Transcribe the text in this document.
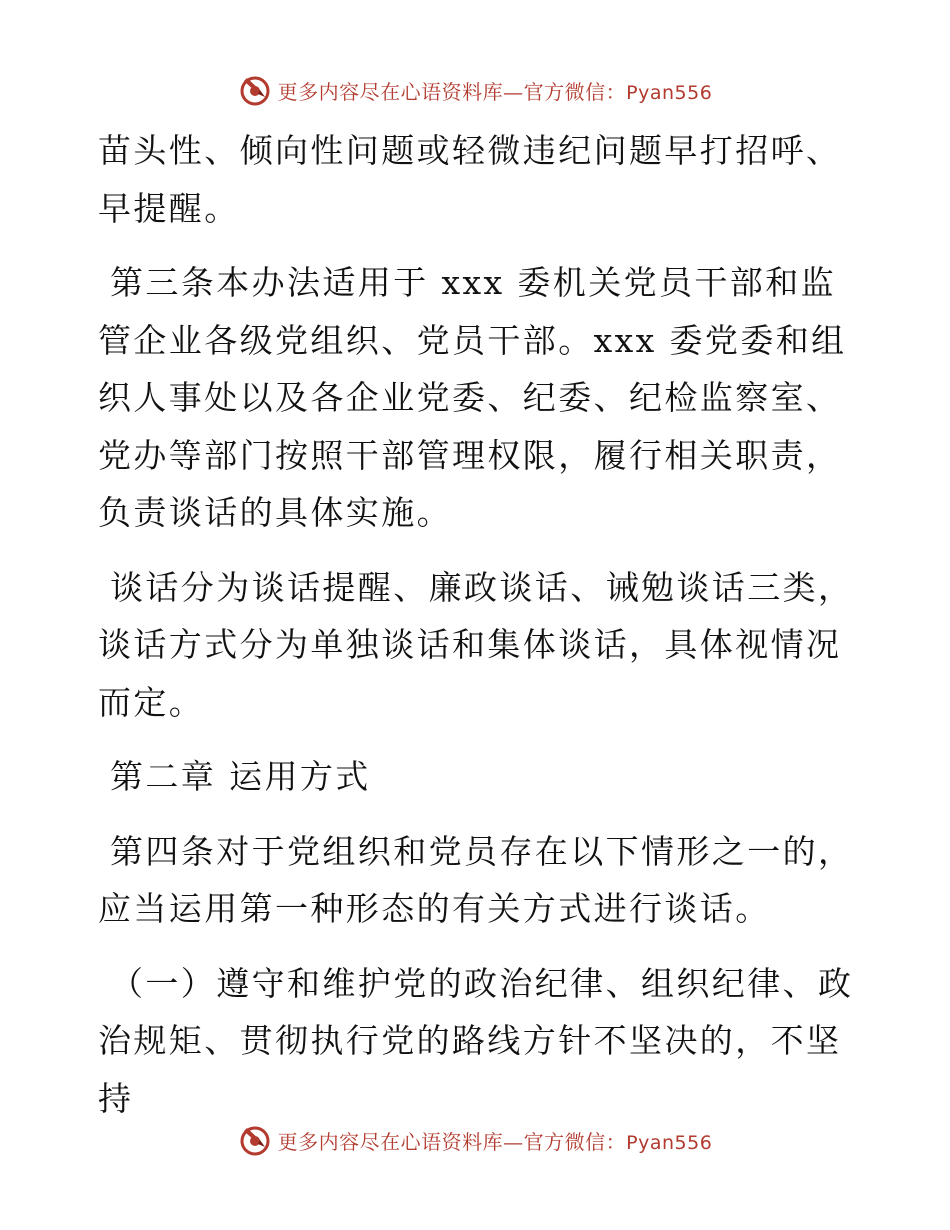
更多内容尽在心语资料库—官方微信：Pyan556

苗头性、倾向性问题或轻微违纪问题早打招呼、早提醒。

第三条本办法适用于 xxx 委机关党员干部和监管企业各级党组织、党员干部。xxx 委党委和组织人事处以及各企业党委、纪委、纪检监察室、党办等部门按照干部管理权限，履行相关职责，负责谈话的具体实施。

谈话分为谈话提醒、廉政谈话、诫勉谈话三类，谈话方式分为单独谈话和集体谈话，具体视情况而定。

第二章 运用方式

第四条对于党组织和党员存在以下情形之一的，应当运用第一种形态的有关方式进行谈话。

（一）遵守和维护党的政治纪律、组织纪律、政治规矩、贯彻执行党的路线方针不坚决的，不坚持

更多内容尽在心语资料库—官方微信：Pyan556
